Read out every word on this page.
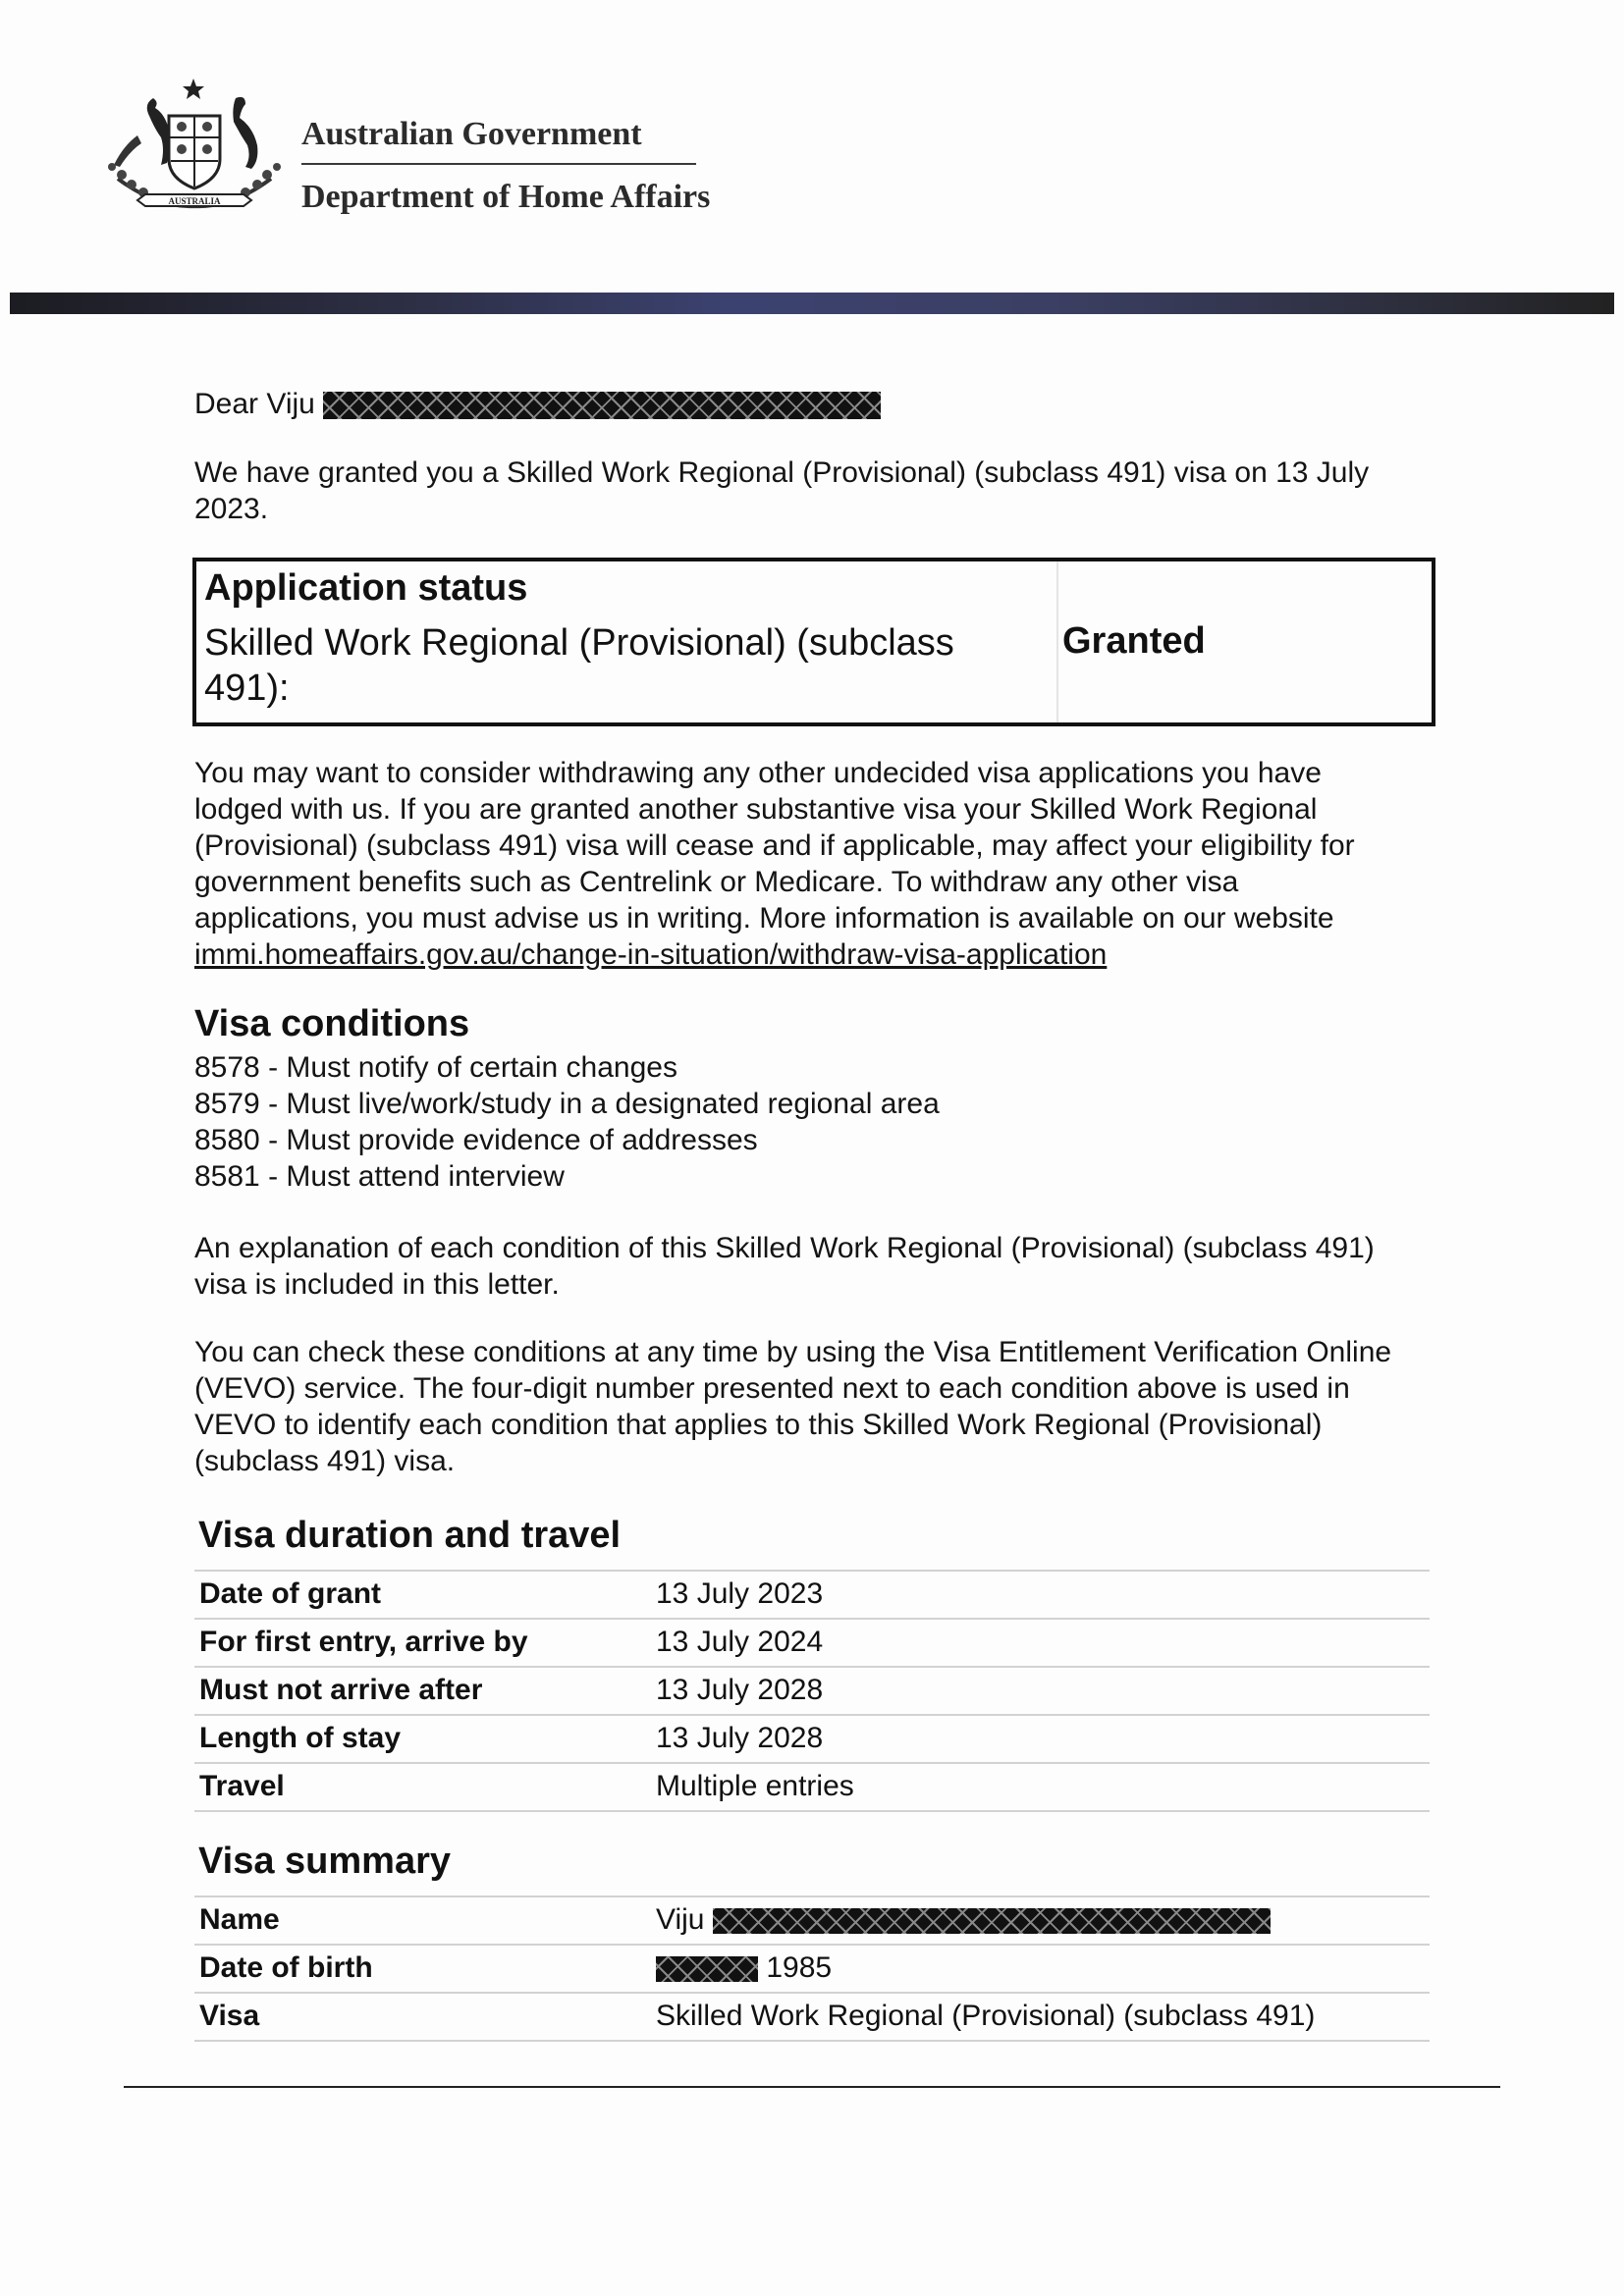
AUSTRALIA
Australian Government
Department of Home Affairs
Dear Viju
We have granted you a Skilled Work Regional (Provisional) (subclass 491) visa on 13 July 2023.
Application status
Skilled Work Regional (Provisional) (subclass 491):
Granted
You may want to consider withdrawing any other undecided visa applications you have lodged with us. If you are granted another substantive visa your Skilled Work Regional (Provisional) (subclass 491) visa will cease and if applicable, may affect your eligibility for government benefits such as Centrelink or Medicare. To withdraw any other visa applications, you must advise us in writing. More information is available on our website immi.homeaffairs.gov.au/change-in-situation/withdraw-visa-application
Visa conditions
8578 - Must notify of certain changes
8579 - Must live/work/study in a designated regional area
8580 - Must provide evidence of addresses
8581 - Must attend interview
An explanation of each condition of this Skilled Work Regional (Provisional) (subclass 491) visa is included in this letter.
You can check these conditions at any time by using the Visa Entitlement Verification Online (VEVO) service. The four-digit number presented next to each condition above is used in VEVO to identify each condition that applies to this Skilled Work Regional (Provisional) (subclass 491) visa.
Visa duration and travel
Date of grant	13 July 2023
For first entry, arrive by	13 July 2024
Must not arrive after	13 July 2028
Length of stay	13 July 2028
Travel	Multiple entries
Visa summary
Name	Viju
Date of birth	1985
Visa	Skilled Work Regional (Provisional) (subclass 491)
